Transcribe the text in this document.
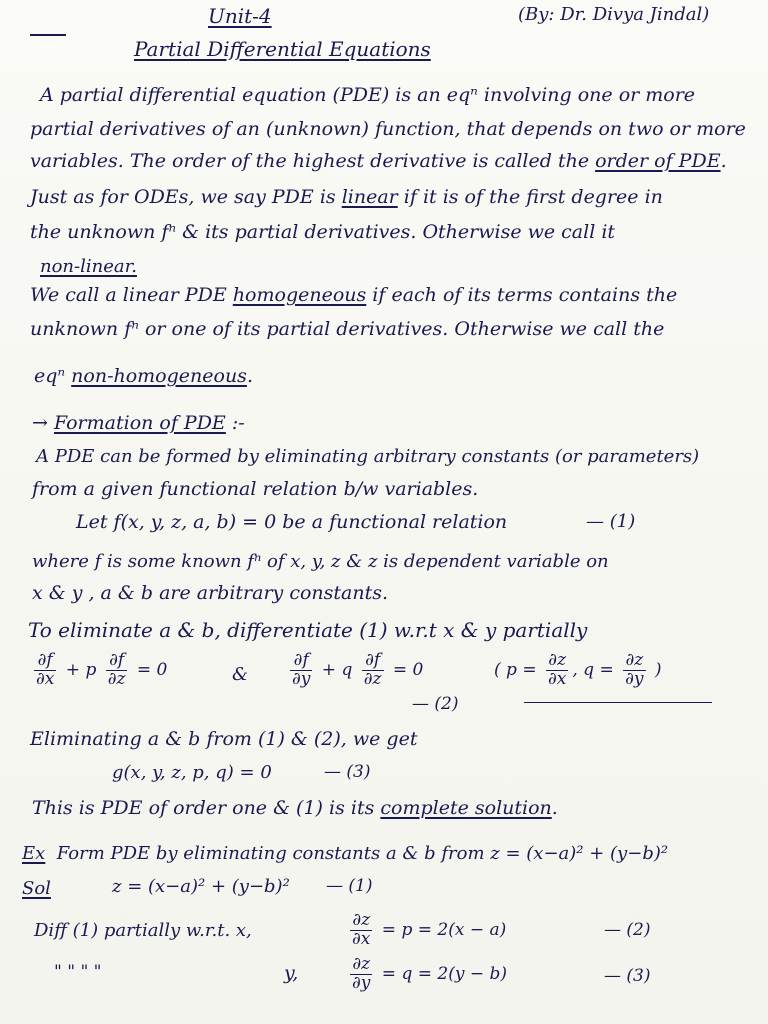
Unit-4	(By: Dr. Divya Jindal)
Partial Differential Equations
A partial differential equation (PDE) is an eqⁿ involving one or more
partial derivatives of an (unknown) function, that depends on two or more
variables. The order of the highest derivative is called the order of PDE.
Just as for ODEs, we say PDE is linear if it is of the first degree in
the unknown fⁿ & its partial derivatives. Otherwise we call it
non-linear.
We call a linear PDE homogeneous if each of its terms contains the
unknown fⁿ or one of its partial derivatives. Otherwise we call the
eqⁿ non-homogeneous.
→ Formation of PDE :-
A PDE can be formed by eliminating arbitrary constants (or parameters)
from a given functional relation b/w variables.
Let f(x, y, z, a, b) = 0 be a functional relation	— (1)
where f is some known fⁿ of x, y, z & z is dependent variable on
x & y , a & b are arbitrary constants.
To eliminate a & b, differentiate (1) w.r.t x & y partially
$\frac{\partial f}{\partial x} + p \frac{\partial f}{\partial z} = 0$	& $\frac{\partial f}{\partial y} + q \frac{\partial f}{\partial z} = 0$	( $p = \frac{\partial z}{\partial x}$ , $q = \frac{\partial z}{\partial y}$ )
— (2)
Eliminating a & b from (1) & (2), we get
g(x, y, z, p, q) = 0	— (3)
This is PDE of order one & (1) is its complete solution.
Ex Form PDE by eliminating constants a & b from z = (x−a)² + (y−b)²
Sol	z = (x−a)² + (y−b)² — (1)
Diff (1) partially w.r.t. x,	$\frac{\partial z}{\partial x} = p = 2(x - a)$	— (2)
" " " "	y,	$\frac{\partial z}{\partial y} = q = 2(y - b)$	— (3)
